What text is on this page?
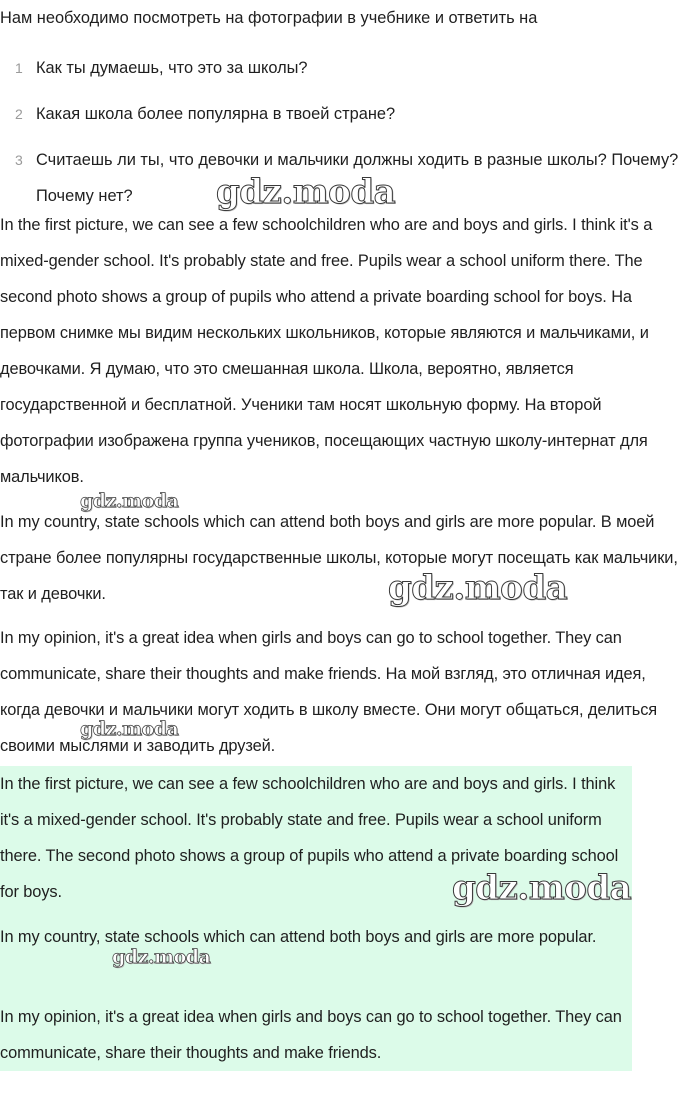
Нам необходимо посмотреть на фотографии в учебнике и ответить на

1 Как ты думаешь, что это за школы?
2 Какая школа более популярна в твоей стране?
3 Считаешь ли ты, что девочки и мальчики должны ходить в разные школы? Почему? Почему нет?

In the first picture, we can see a few schoolchildren who are and boys and girls. I think it's a mixed-gender school. It's probably state and free. Pupils wear a school uniform there. The second photo shows a group of pupils who attend a private boarding school for boys. На первом снимке мы видим нескольких школьников, которые являются и мальчиками, и девочками. Я думаю, что это смешанная школа. Школа, вероятно, является государственной и бесплатной. Ученики там носят школьную форму. На второй фотографии изображена группа учеников, посещающих частную школу-интернат для мальчиков.

In my country, state schools which can attend both boys and girls are more popular. В моей стране более популярны государственные школы, которые могут посещать как мальчики, так и девочки.

In my opinion, it's a great idea when girls and boys can go to school together. They can communicate, share their thoughts and make friends. На мой взгляд, это отличная идея, когда девочки и мальчики могут ходить в школу вместе. Они могут общаться, делиться своими мыслями и заводить друзей.

In the first picture, we can see a few schoolchildren who are and boys and girls. I think it's a mixed-gender school. It's probably state and free. Pupils wear a school uniform there. The second photo shows a group of pupils who attend a private boarding school for boys.

In my country, state schools which can attend both boys and girls are more popular.

In my opinion, it's a great idea when girls and boys can go to school together. They can communicate, share their thoughts and make friends.

gdz.moda
gdz.moda
gdz.moda
gdz.moda
gdz.moda
gdz.moda
